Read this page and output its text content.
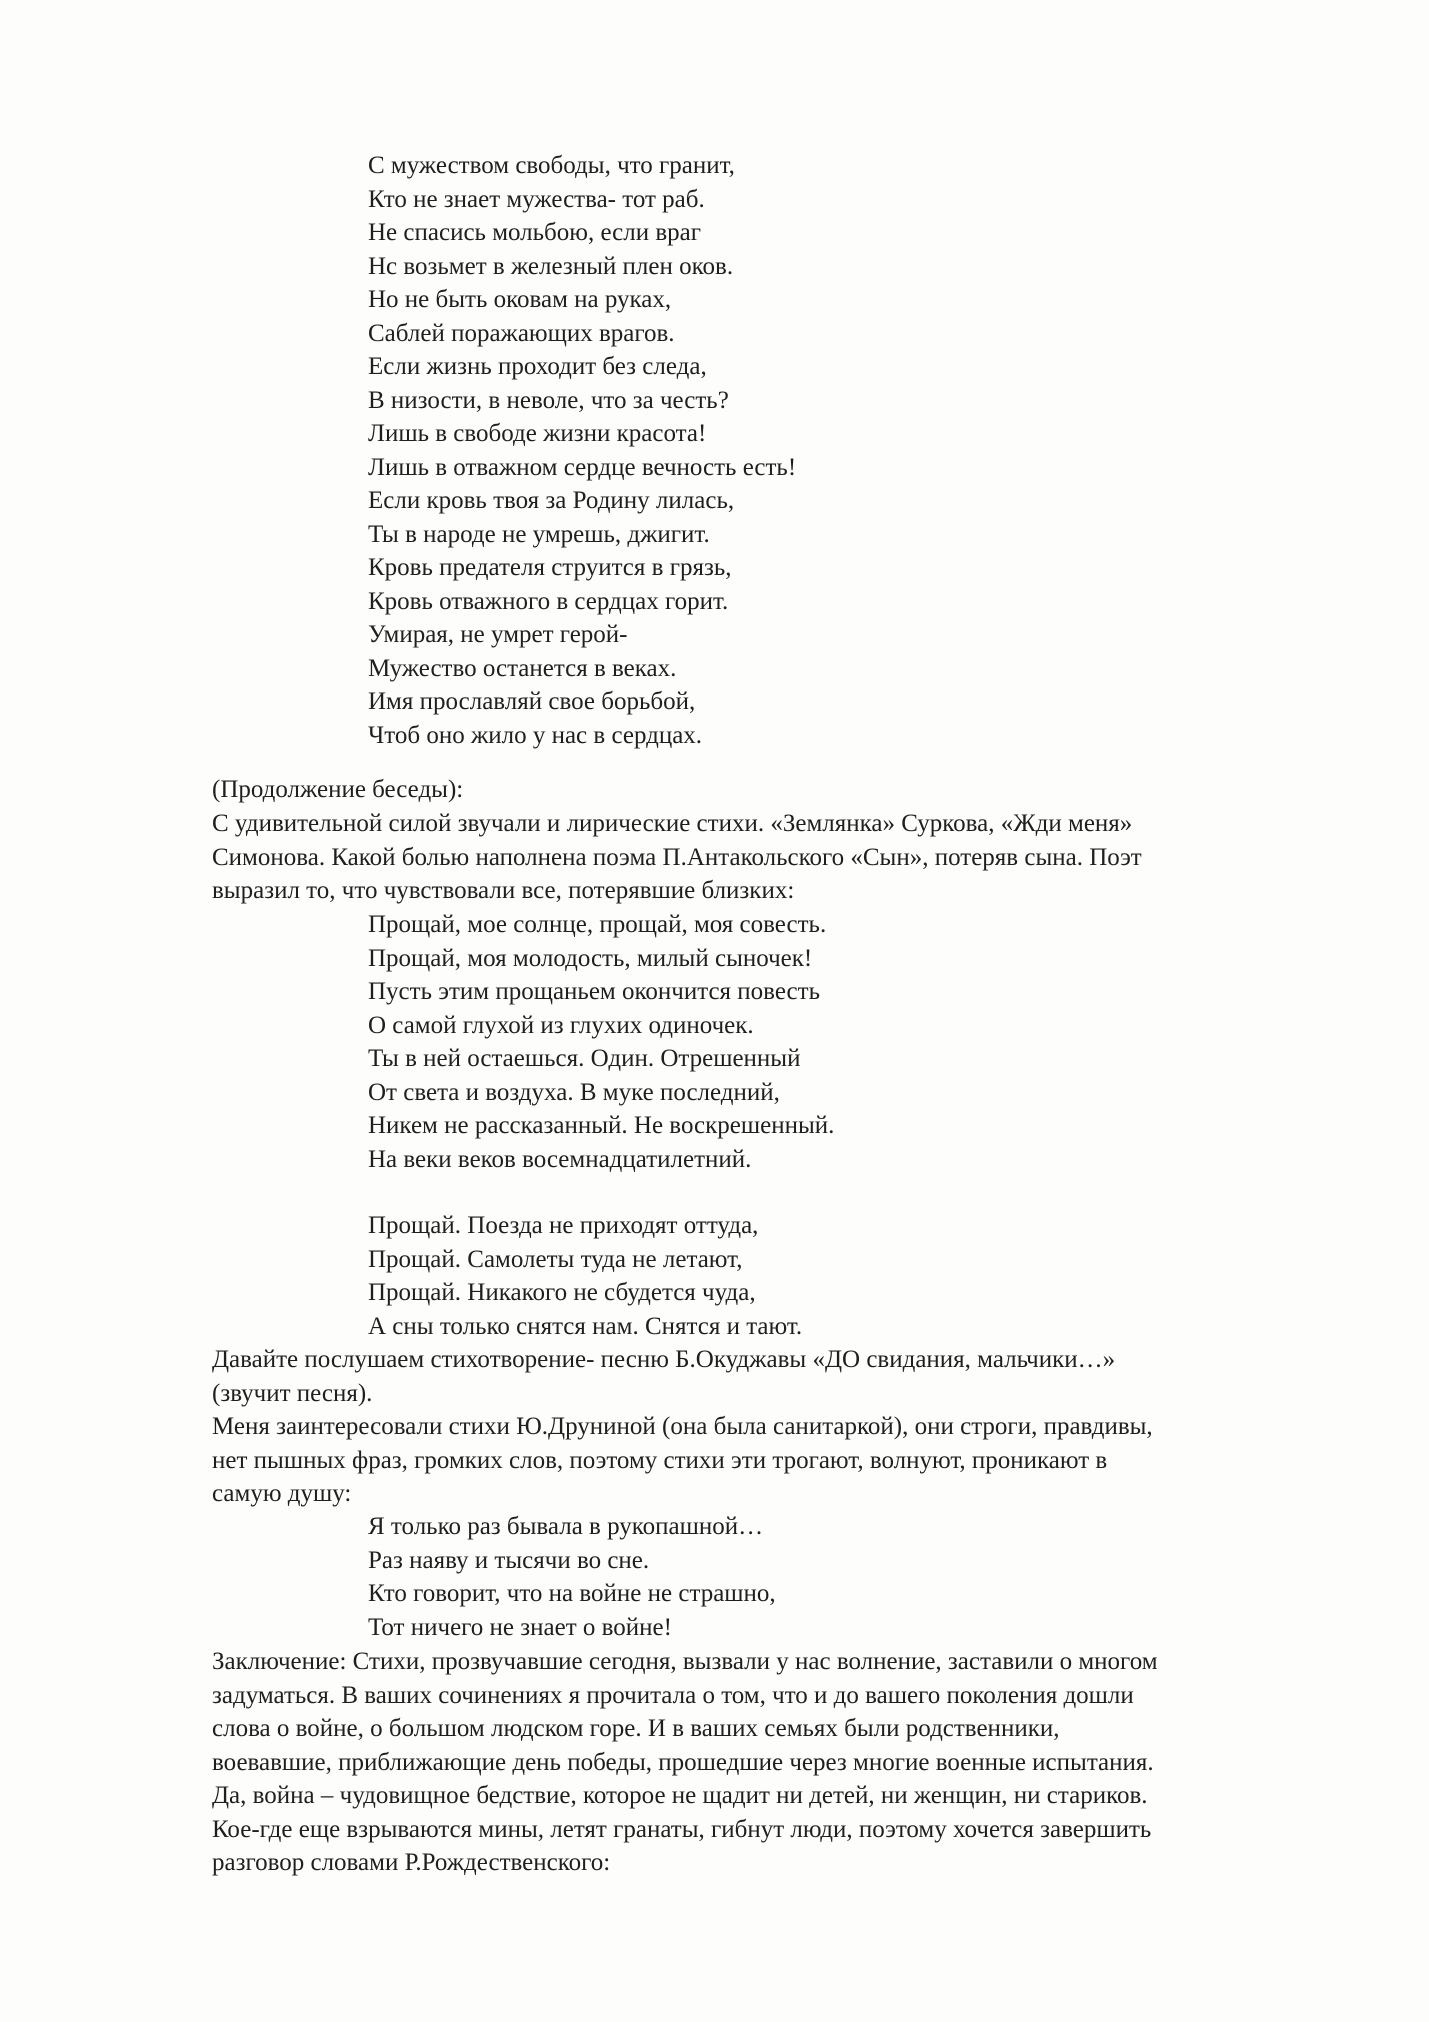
(Продолжение беседы):
С мужеством свободы, что гранит,
Кто не знает мужества- тот раб.
Не спасись мольбою, если враг
Нс возьмет в железный плен оков.
Но не быть оковам на руках,
Саблей поражающих врагов.
Если жизнь проходит без следа,
В низости, в неволе, что за честь?
Лишь в свободе жизни красота!
Лишь в отважном сердце вечность есть!
Если кровь твоя за Родину лилась,
Ты в народе не умрешь, джигит.
Кровь предателя струится в грязь,
Кровь отважного в сердцах горит.
Умирая, не умрет герой-
Мужество останется в веках.
Имя прославляй свое борьбой,
Чтоб оно жило у нас в сердцах.
С удивительной силой звучали и лирические стихи. «Землянка» Суркова, «Жди меня»
Симонова. Какой болью наполнена поэма П.Антакольского «Сын», потеряв сына. Поэт
выразил то, что чувствовали все, потерявшие близких:
Прощай, мое солнце, прощай, моя совесть.
Прощай, моя молодость, милый сыночек!
Пусть этим прощаньем окончится повесть
О самой глухой из глухих одиночек.
Ты в ней остаешься. Один. Отрешенный
От света и воздуха. В муке последний,
Никем не рассказанный. Не воскрешенный.
На веки веков восемнадцатилетний.
Прощай. Поезда не приходят оттуда,
Прощай. Самолеты туда не летают,
Прощай. Никакого не сбудется чуда,
А сны только снятся нам. Снятся и тают.
Давайте послушаем стихотворение- песню Б.Окуджавы «ДО свидания, мальчики…»
(звучит песня).
Меня заинтересовали стихи Ю.Друниной (она была санитаркой), они строги, правдивы,
нет пышных фраз, громких слов, поэтому стихи эти трогают, волнуют, проникают в
самую душу:
Я только раз бывала в рукопашной…
Раз наяву и тысячи во сне.
Кто говорит, что на войне не страшно,
Тот ничего не знает о войне!
Заключение: Стихи, прозвучавшие сегодня, вызвали у нас волнение, заставили о многом
задуматься. В ваших сочинениях я прочитала о том, что и до вашего поколения дошли
слова о войне, о большом людском горе. И в ваших семьях были родственники,
воевавшие, приближающие день победы, прошедшие через многие военные испытания.
Да, война – чудовищное бедствие, которое не щадит ни детей, ни женщин, ни стариков.
Кое-где еще взрываются мины, летят гранаты, гибнут люди, поэтому хочется завершить
разговор словами Р.Рождественского:
